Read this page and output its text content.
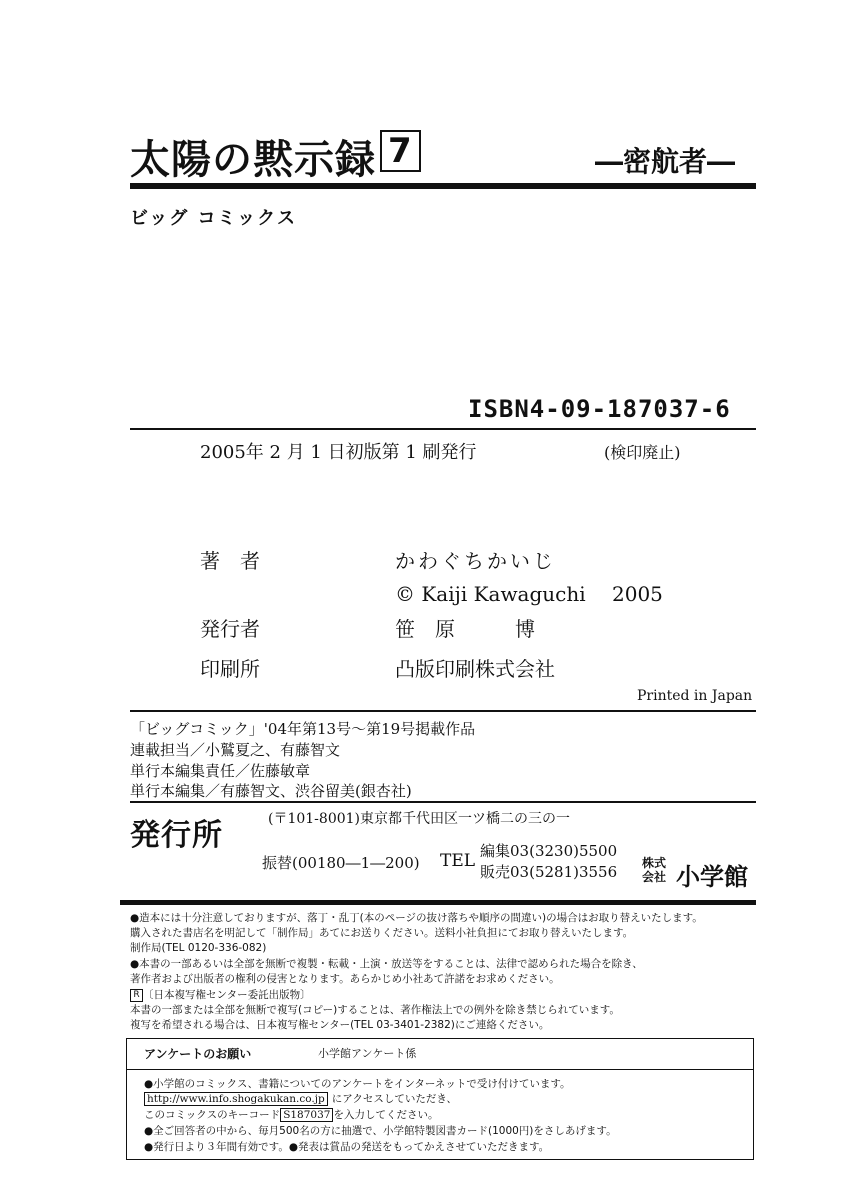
太陽の黙示録 7	―密航者―
ビッグ コミックス
ISBN4-09-187037-6
2005年 2 月 1 日初版第 1 刷発行	(検印廃止)
著　者	かわぐちかいじ
© Kaiji Kawaguchi　 2005
発行者	笹　原　　　博
印刷所	凸版印刷株式会社
Printed in Japan
「ビッグコミック」'04年第13号～第19号掲載作品
連載担当／小鷲夏之、有藤智文
単行本編集責任／佐藤敏章
単行本編集／有藤智文、渋谷留美(銀杏社)
発行所	(〒101-8001)東京都千代田区一ツ橋二の三の一
振替(00180―1―200) TEL 編集03(3230)5500
販売03(5281)3556 株式
会社 小学館
●造本には十分注意しておりますが、落丁・乱丁(本のページの抜け落ちや順序の間違い)の場合はお取り替えいたします。
購入された書店名を明記して「制作局」あてにお送りください。送料小社負担にてお取り替えいたします。
制作局(TEL 0120-336-082)
●本書の一部あるいは全部を無断で複製・転載・上演・放送等をすることは、法律で認められた場合を除き、
著作者および出版者の権利の侵害となります。あらかじめ小社あて許諾をお求めください。
R 〔日本複写権センター委託出版物〕
本書の一部または全部を無断で複写(コピー)することは、著作権法上での例外を除き禁じられています。
複写を希望される場合は、日本複写権センター(TEL 03-3401-2382)にご連絡ください。
アンケートのお願い	小学館アンケート係
●小学館のコミックス、書籍についてのアンケートをインターネットで受け付けています。
http://www.info.shogakukan.co.jp にアクセスしていただき、
このコミックスのキーコード S187037 を入力してください。
●全ご回答者の中から、毎月500名の方に抽選で、小学館特製図書カード(1000円)をさしあげます。
●発行日より３年間有効です。●発表は賞品の発送をもってかえさせていただきます。
